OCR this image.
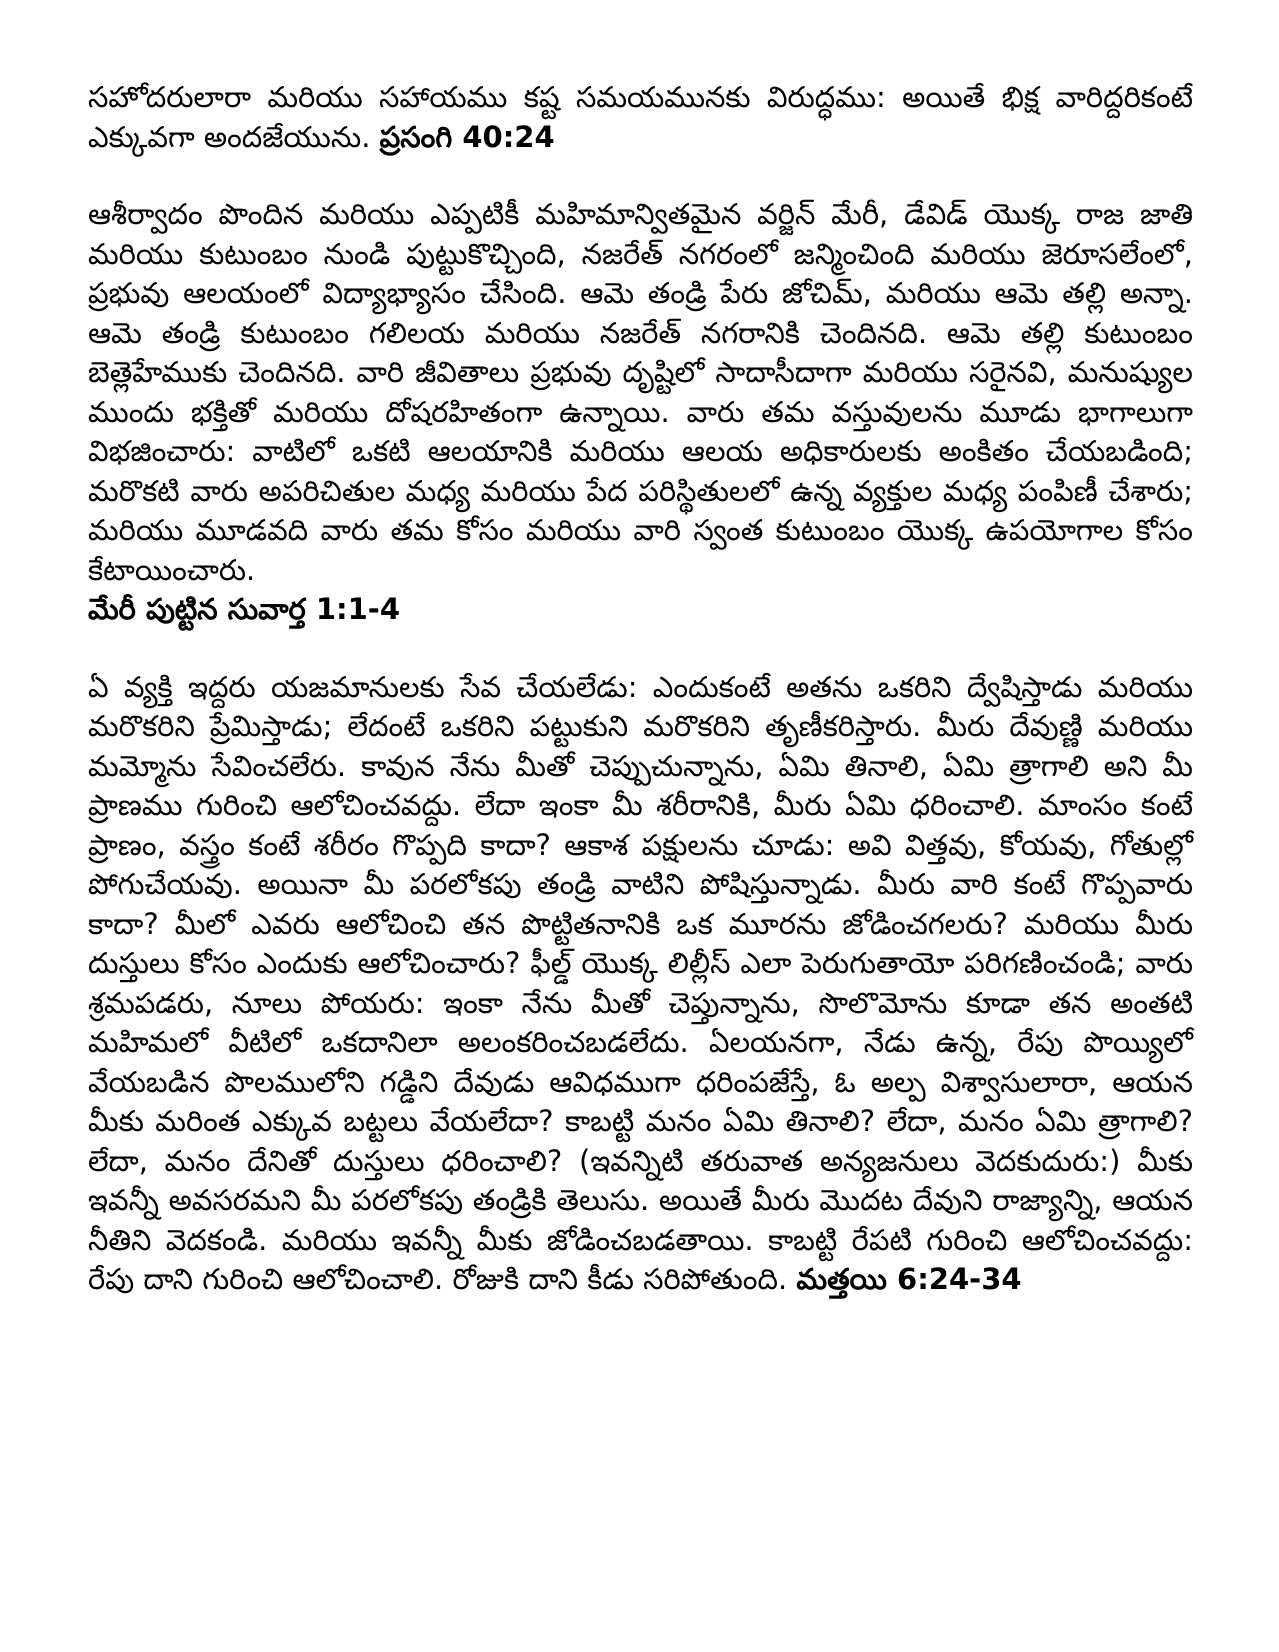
సహోదరులారా మరియు సహాయము కష్ట సమయమునకు విరుద్ధము: అయితే భిక్ష వారిద్దరికంటే ఎక్కువగా అందజేయును. ప్రసంగి 40:24

ఆశీర్వాదం పొందిన మరియు ఎప్పటికీ మహిమాన్వితమైన వర్జిన్ మేరీ, డేవిడ్ యొక్క రాజ జాతి మరియు కుటుంబం నుండి పుట్టుకొచ్చింది, నజరేత్ నగరంలో జన్మించింది మరియు జెరూసలేంలో, ప్రభువు ఆలయంలో విద్యాభ్యాసం చేసింది. ఆమె తండ్రి పేరు జోచిమ్, మరియు ఆమె తల్లి అన్నా. ఆమె తండ్రి కుటుంబం గలిలయ మరియు నజరేత్ నగరానికి చెందినది. ఆమె తల్లి కుటుంబం బెత్లెహేముకు చెందినది. వారి జీవితాలు ప్రభువు దృష్టిలో సాదాసీదాగా మరియు సరైనవి, మనుష్యుల ముందు భక్తితో మరియు దోషరహితంగా ఉన్నాయి. వారు తమ వస్తువులను మూడు భాగాలుగా విభజించారు: వాటిలో ఒకటి ఆలయానికి మరియు ఆలయ అధికారులకు అంకితం చేయబడింది; మరొకటి వారు అపరిచితుల మధ్య మరియు పేద పరిస్థితులలో ఉన్న వ్యక్తుల మధ్య పంపిణీ చేశారు; మరియు మూడవది వారు తమ కోసం మరియు వారి స్వంత కుటుంబం యొక్క ఉపయోగాల కోసం కేటాయించారు.
మేరీ పుట్టిన సువార్త 1:1-4

ఏ వ్యక్తి ఇద్దరు యజమానులకు సేవ చేయలేడు: ఎందుకంటే అతను ఒకరిని ద్వేషిస్తాడు మరియు మరొకరిని ప్రేమిస్తాడు; లేదంటే ఒకరిని పట్టుకుని మరొకరిని తృణీకరిస్తారు. మీరు దేవుణ్ణి మరియు మమ్మోను సేవించలేరు. కావున నేను మీతో చెప్పుచున్నాను, ఏమి తినాలి, ఏమి త్రాగాలి అని మీ ప్రాణము గురించి ఆలోచించవద్దు. లేదా ఇంకా మీ శరీరానికి, మీరు ఏమి ధరించాలి. మాంసం కంటే ప్రాణం, వస్త్రం కంటే శరీరం గొప్పది కాదా? ఆకాశ పక్షులను చూడు: అవి విత్తవు, కోయవు, గోతుల్లో పోగుచేయవు. అయినా మీ పరలోకపు తండ్రి వాటిని పోషిస్తున్నాడు. మీరు వారి కంటే గొప్పవారు కాదా? మీలో ఎవరు ఆలోచించి తన పొట్టితనానికి ఒక మూరను జోడించగలరు? మరియు మీరు దుస్తులు కోసం ఎందుకు ఆలోచించారు? ఫీల్డ్ యొక్క లిల్లీస్ ఎలా పెరుగుతాయో పరిగణించండి; వారు శ్రమపడరు, నూలు పోయరు: ఇంకా నేను మీతో చెప్తున్నాను, సొలొమోను కూడా తన అంతటి మహిమలో వీటిలో ఒకదానిలా అలంకరించబడలేదు. ఏలయనగా, నేడు ఉన్న, రేపు పొయ్యిలో వేయబడిన పొలములోని గడ్డిని దేవుడు ఆవిధముగా ధరింపజేస్తే, ఓ అల్ప విశ్వాసులారా, ఆయన మీకు మరింత ఎక్కువ బట్టలు వేయలేదా? కాబట్టి మనం ఏమి తినాలి? లేదా, మనం ఏమి త్రాగాలి? లేదా, మనం దేనితో దుస్తులు ధరించాలి? (ఇవన్నిటి తరువాత అన్యజనులు వెదకుదురు:) మీకు ఇవన్నీ అవసరమని మీ పరలోకపు తండ్రికి తెలుసు. అయితే మీరు మొదట దేవుని రాజ్యాన్ని, ఆయన నీతిని వెదకండి. మరియు ఇవన్నీ మీకు జోడించబడతాయి. కాబట్టి రేపటి గురించి ఆలోచించవద్దు: రేపు దాని గురించి ఆలోచించాలి. రోజుకి దాని కీడు సరిపోతుంది. మత్తయి 6:24-34
